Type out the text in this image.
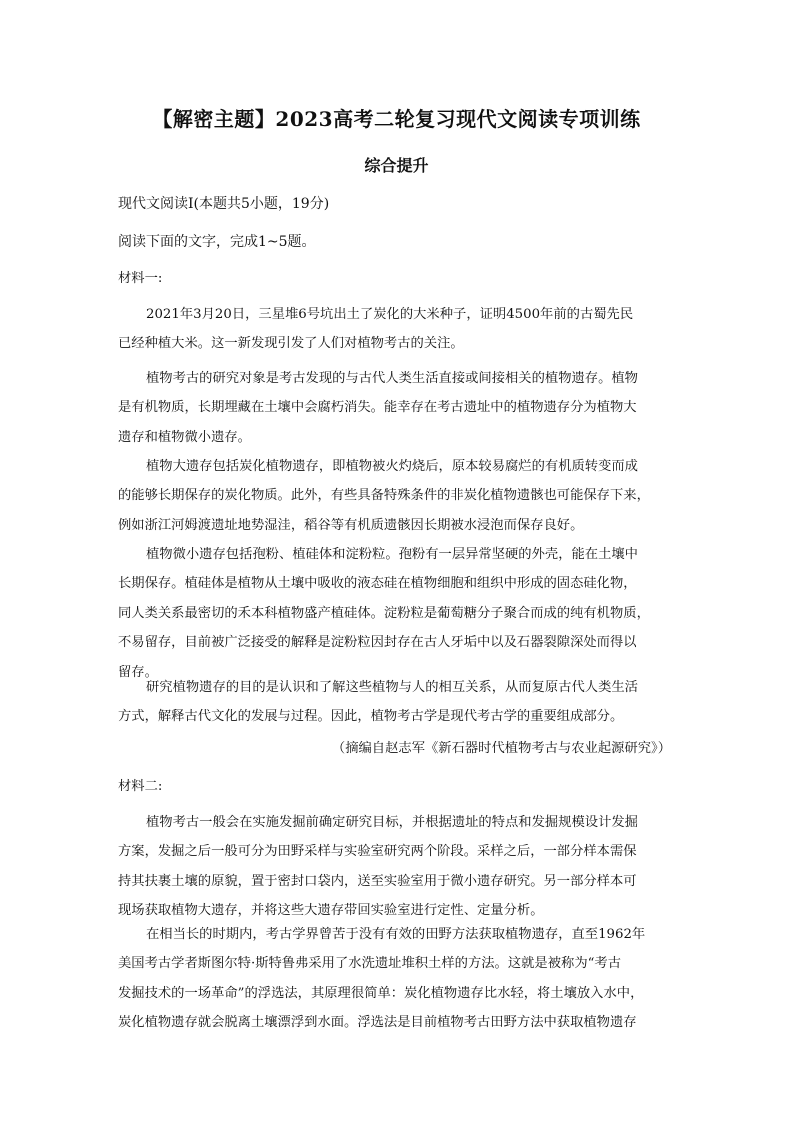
【解密主题】2023高考二轮复习现代文阅读专项训练
综合提升
现代文阅读Ⅰ(本题共5小题，19分)
阅读下面的文字，完成1~5题。
材料一:
2021年3月20日，三星堆6号坑出土了炭化的大米种子，证明4500年前的古蜀先民
已经种植大米。这一新发现引发了人们对植物考古的关注。
植物考古的研究对象是考古发现的与古代人类生活直接或间接相关的植物遗存。植物
是有机物质，长期埋藏在土壤中会腐朽消失。能幸存在考古遗址中的植物遗存分为植物大
遗存和植物微小遗存。
植物大遗存包括炭化植物遗存，即植物被火灼烧后，原本较易腐烂的有机质转变而成
的能够长期保存的炭化物质。此外，有些具备特殊条件的非炭化植物遗骸也可能保存下来，
例如浙江河姆渡遗址地势湿洼，稻谷等有机质遗骸因长期被水浸泡而保存良好。
植物微小遗存包括孢粉、植硅体和淀粉粒。孢粉有一层异常坚硬的外壳，能在土壤中
长期保存。植硅体是植物从土壤中吸收的液态硅在植物细胞和组织中形成的固态硅化物，
同人类关系最密切的禾本科植物盛产植硅体。淀粉粒是葡萄糖分子聚合而成的纯有机物质，
不易留存，目前被广泛接受的解释是淀粉粒因封存在古人牙垢中以及石器裂隙深处而得以
留存。
研究植物遗存的目的是认识和了解这些植物与人的相互关系，从而复原古代人类生活
方式，解释古代文化的发展与过程。因此，植物考古学是现代考古学的重要组成部分。
（摘编自赵志军《新石器时代植物考古与农业起源研究》）
材料二:
植物考古一般会在实施发掘前确定研究目标，并根据遗址的特点和发掘规模设计发掘
方案，发掘之后一般可分为田野采样与实验室研究两个阶段。采样之后，一部分样本需保
持其扶裹土壤的原貌，置于密封口袋内，送至实验室用于微小遗存研究。另一部分样本可
现场获取植物大遗存，并将这些大遗存带回实验室进行定性、定量分析。
在相当长的时期内，考古学界曾苦于没有有效的田野方法获取植物遗存，直至1962年
美国考古学者斯图尔特·斯特鲁弗采用了水洗遗址堆积土样的方法。这就是被称为“考古
发掘技术的一场革命”的浮选法，其原理很简单：炭化植物遗存比水轻，将土壤放入水中，
炭化植物遗存就会脱离土壤漂浮到水面。浮选法是目前植物考古田野方法中获取植物遗存
